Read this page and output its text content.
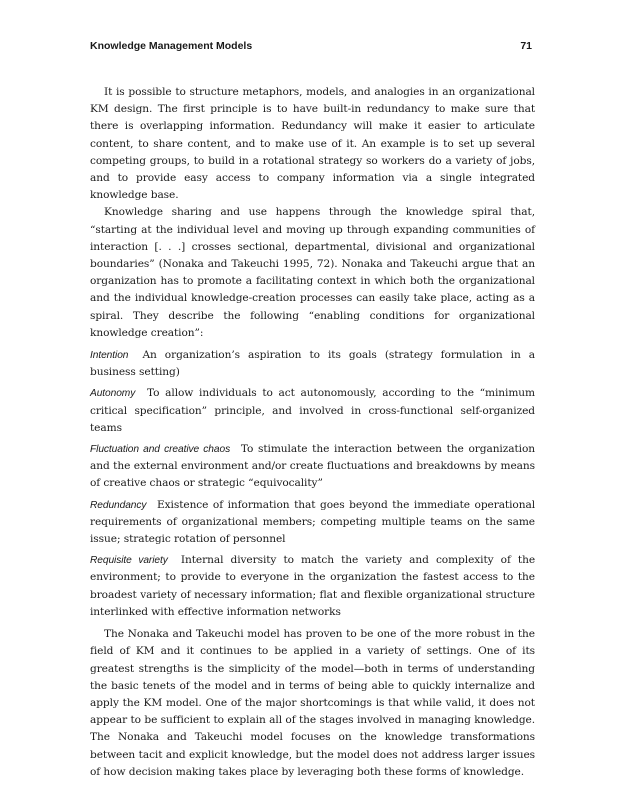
Knowledge Management Models	71

It is possible to structure metaphors, models, and analogies in an organizational KM design. The first principle is to have built-in redundancy to make sure that there is overlapping information. Redundancy will make it easier to articulate content, to share content, and to make use of it. An example is to set up several competing groups, to build in a rotational strategy so workers do a variety of jobs, and to provide easy access to company information via a single integrated knowledge base.

Knowledge sharing and use happens through the knowledge spiral that, “starting at the individual level and moving up through expanding communities of interaction [. . .] crosses sectional, departmental, divisional and organizational boundaries” (Nonaka and Takeuchi 1995, 72). Nonaka and Takeuchi argue that an organization has to promote a facilitating context in which both the organizational and the individual knowledge-creation processes can easily take place, acting as a spiral. They describe the following “enabling conditions for organizational knowledge creation”:

Intention An organization’s aspiration to its goals (strategy formulation in a business setting)
Autonomy To allow individuals to act autonomously, according to the “minimum critical specification” principle, and involved in cross-functional self-organized teams
Fluctuation and creative chaos To stimulate the interaction between the organization and the external environment and/or create fluctuations and breakdowns by means of creative chaos or strategic “equivocality”
Redundancy Existence of information that goes beyond the immediate operational requirements of organizational members; competing multiple teams on the same issue; strategic rotation of personnel
Requisite variety Internal diversity to match the variety and complexity of the environment; to provide to everyone in the organization the fastest access to the broadest variety of necessary information; flat and flexible organizational structure interlinked with effective information networks

The Nonaka and Takeuchi model has proven to be one of the more robust in the field of KM and it continues to be applied in a variety of settings. One of its greatest strengths is the simplicity of the model—both in terms of understanding the basic tenets of the model and in terms of being able to quickly internalize and apply the KM model. One of the major shortcomings is that while valid, it does not appear to be sufficient to explain all of the stages involved in managing knowledge. The Nonaka and Takeuchi model focuses on the knowledge transformations between tacit and explicit knowledge, but the model does not address larger issues of how decision making takes place by leveraging both these forms of knowledge.
